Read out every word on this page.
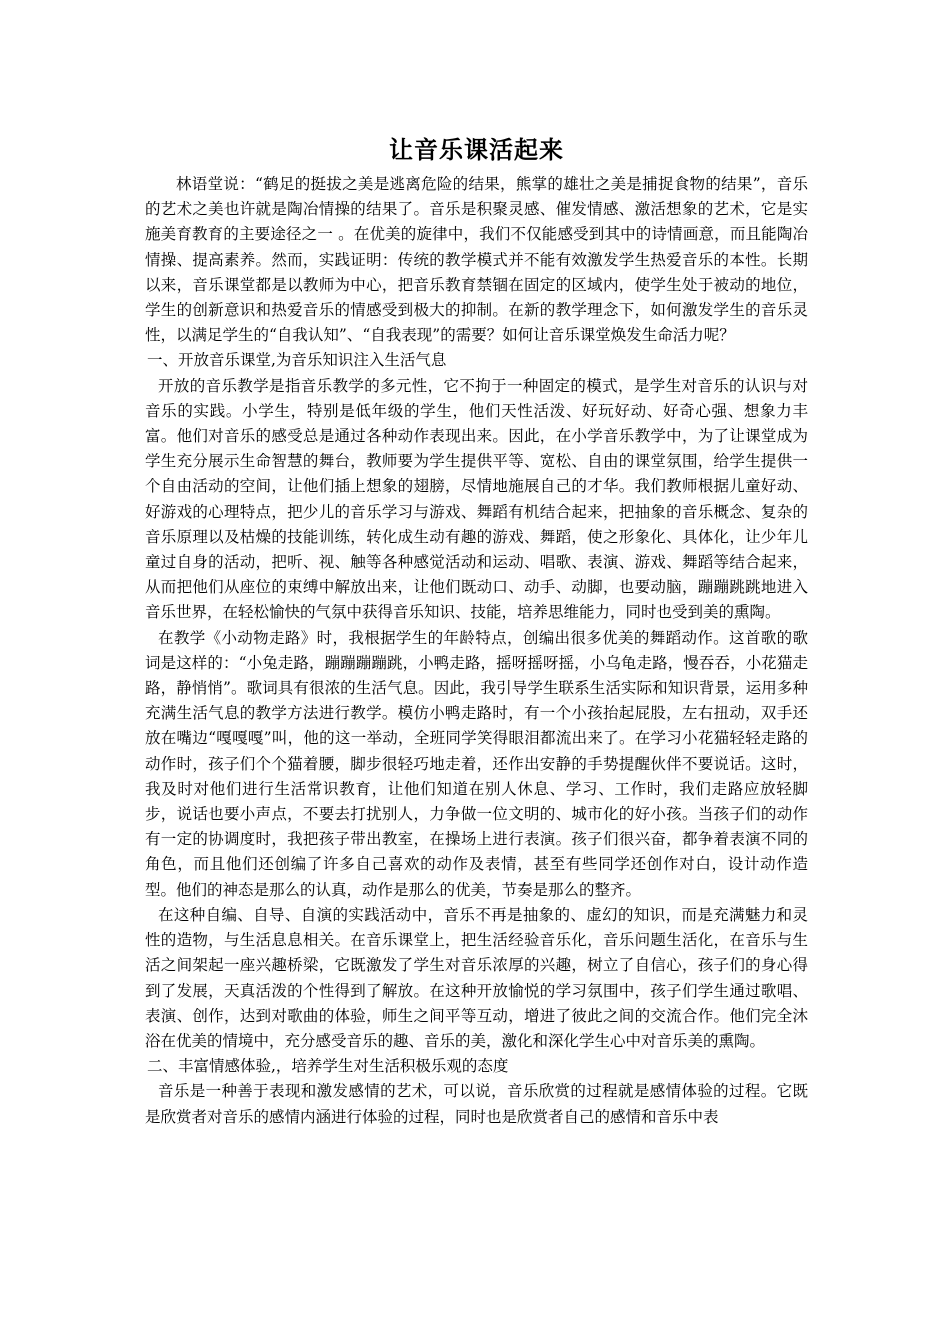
让音乐课活起来

林语堂说：“鹤足的挺拔之美是逃离危险的结果，熊掌的雄壮之美是捕捉食物的结果”，音乐的艺术之美也许就是陶冶情操的结果了。音乐是积聚灵感、催发情感、激活想象的艺术，它是实施美育教育的主要途径之一 。在优美的旋律中，我们不仅能感受到其中的诗情画意，而且能陶冶情操、提高素养。然而，实践证明：传统的教学模式并不能有效激发学生热爱音乐的本性。长期以来，音乐课堂都是以教师为中心，把音乐教育禁锢在固定的区域内，使学生处于被动的地位，学生的创新意识和热爱音乐的情感受到极大的抑制。在新的教学理念下，如何激发学生的音乐灵性，以满足学生的“自我认知”、“自我表现”的需要？如何让音乐课堂焕发生命活力呢？

一、开放音乐课堂,为音乐知识注入生活气息

开放的音乐教学是指音乐教学的多元性，它不拘于一种固定的模式，是学生对音乐的认识与对音乐的实践。小学生，特别是低年级的学生，他们天性活泼、好玩好动、好奇心强、想象力丰富。他们对音乐的感受总是通过各种动作表现出来。因此，在小学音乐教学中，为了让课堂成为学生充分展示生命智慧的舞台，教师要为学生提供平等、宽松、自由的课堂氛围，给学生提供一个自由活动的空间，让他们插上想象的翅膀，尽情地施展自己的才华。我们教师根据儿童好动、好游戏的心理特点，把少儿的音乐学习与游戏、舞蹈有机结合起来，把抽象的音乐概念、复杂的音乐原理以及枯燥的技能训练，转化成生动有趣的游戏、舞蹈，使之形象化、具体化，让少年儿童过自身的活动，把听、视、触等各种感觉活动和运动、唱歌、表演、游戏、舞蹈等结合起来，从而把他们从座位的束缚中解放出来，让他们既动口、动手、动脚，也要动脑，蹦蹦跳跳地进入音乐世界，在轻松愉快的气氛中获得音乐知识、技能，培养思维能力，同时也受到美的熏陶。

在教学《小动物走路》时，我根据学生的年龄特点，创编出很多优美的舞蹈动作。这首歌的歌词是这样的：“小兔走路，蹦蹦蹦蹦跳，小鸭走路，摇呀摇呀摇，小乌龟走路，慢吞吞，小花猫走路，静悄悄”。歌词具有很浓的生活气息。因此，我引导学生联系生活实际和知识背景，运用多种充满生活气息的教学方法进行教学。模仿小鸭走路时，有一个小孩抬起屁股，左右扭动，双手还放在嘴边“嘎嘎嘎”叫，他的这一举动，全班同学笑得眼泪都流出来了。在学习小花猫轻轻走路的动作时，孩子们个个猫着腰，脚步很轻巧地走着，还作出安静的手势提醒伙伴不要说话。这时，我及时对他们进行生活常识教育，让他们知道在别人休息、学习、工作时，我们走路应放轻脚步，说话也要小声点，不要去打扰别人，力争做一位文明的、城市化的好小孩。当孩子们的动作有一定的协调度时，我把孩子带出教室，在操场上进行表演。孩子们很兴奋，都争着表演不同的角色，而且他们还创编了许多自己喜欢的动作及表情，甚至有些同学还创作对白，设计动作造型。他们的神态是那么的认真，动作是那么的优美，节奏是那么的整齐。

在这种自编、自导、自演的实践活动中，音乐不再是抽象的、虚幻的知识，而是充满魅力和灵性的造物，与生活息息相关。在音乐课堂上，把生活经验音乐化，音乐问题生活化，在音乐与生活之间架起一座兴趣桥梁，它既激发了学生对音乐浓厚的兴趣，树立了自信心，孩子们的身心得到了发展，天真活泼的个性得到了解放。在这种开放愉悦的学习氛围中，孩子们学生通过歌唱、表演、创作，达到对歌曲的体验，师生之间平等互动，增进了彼此之间的交流合作。他们完全沐浴在优美的情境中，充分感受音乐的趣、音乐的美，激化和深化学生心中对音乐美的熏陶。

二、丰富情感体验,，培养学生对生活积极乐观的态度

音乐是一种善于表现和激发感情的艺术，可以说，音乐欣赏的过程就是感情体验的过程。它既是欣赏者对音乐的感情内涵进行体验的过程，同时也是欣赏者自己的感情和音乐中表
